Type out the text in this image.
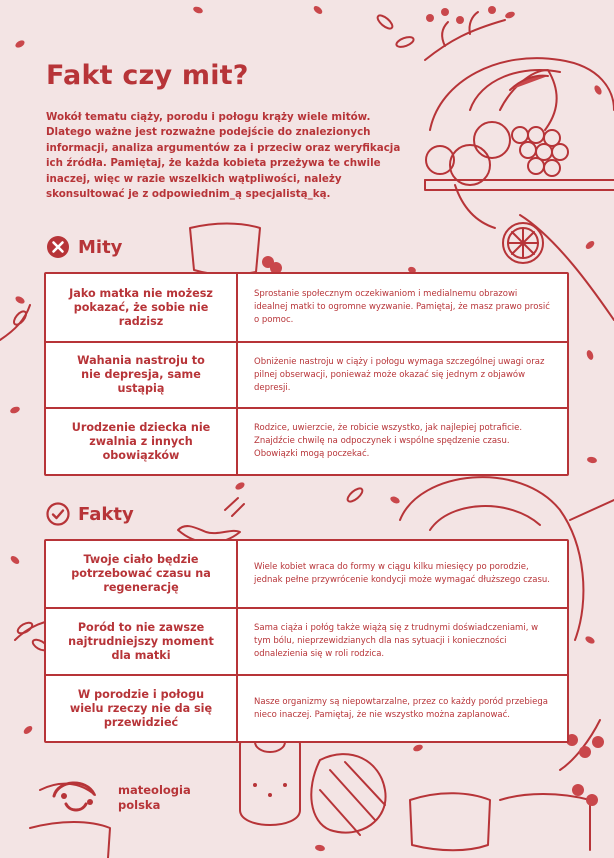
Fakt czy mit?
Wokół tematu ciąży, porodu i połogu krąży wiele mitów. Dlatego ważne jest rozważne podejście do znalezionych informacji, analiza argumentów za i przeciw oraz weryfikacja ich źródła. Pamiętaj, że każda kobieta przeżywa te chwile inaczej, więc w razie wszelkich wątpliwości, należy skonsultować je z odpowiednim_ą specjalistą_ką.
Mity
Jako matka nie możesz pokazać, że sobie nie radzisz
Sprostanie społecznym oczekiwaniom i medialnemu obrazowi idealnej matki to ogromne wyzwanie. Pamiętaj, że masz prawo prosić o pomoc.
Wahania nastroju to nie depresja, same ustąpią
Obniżenie nastroju w ciąży i połogu wymaga szczególnej uwagi oraz pilnej obserwacji, ponieważ może okazać się jednym z objawów depresji.
Urodzenie dziecka nie zwalnia z innych obowiązków
Rodzice, uwierzcie, że robicie wszystko, jak najlepiej potraficie. Znajdźcie chwilę na odpoczynek i wspólne spędzenie czasu. Obowiązki mogą poczekać.
Fakty
Twoje ciało będzie potrzebować czasu na regenerację
Wiele kobiet wraca do formy w ciągu kilku miesięcy po porodzie, jednak pełne przywrócenie kondycji może wymagać dłuższego czasu.
Poród to nie zawsze najtrudniejszy moment dla matki
Sama ciąża i połóg także wiążą się z trudnymi doświadczeniami, w tym bólu, nieprzewidzianych dla nas sytuacji i konieczności odnalezienia się w roli rodzica.
W porodzie i połogu wielu rzeczy nie da się przewidzieć
Nasze organizmy są niepowtarzalne, przez co każdy poród przebiega nieco inaczej. Pamiętaj, że nie wszystko można zaplanować.
mateologia
polska
